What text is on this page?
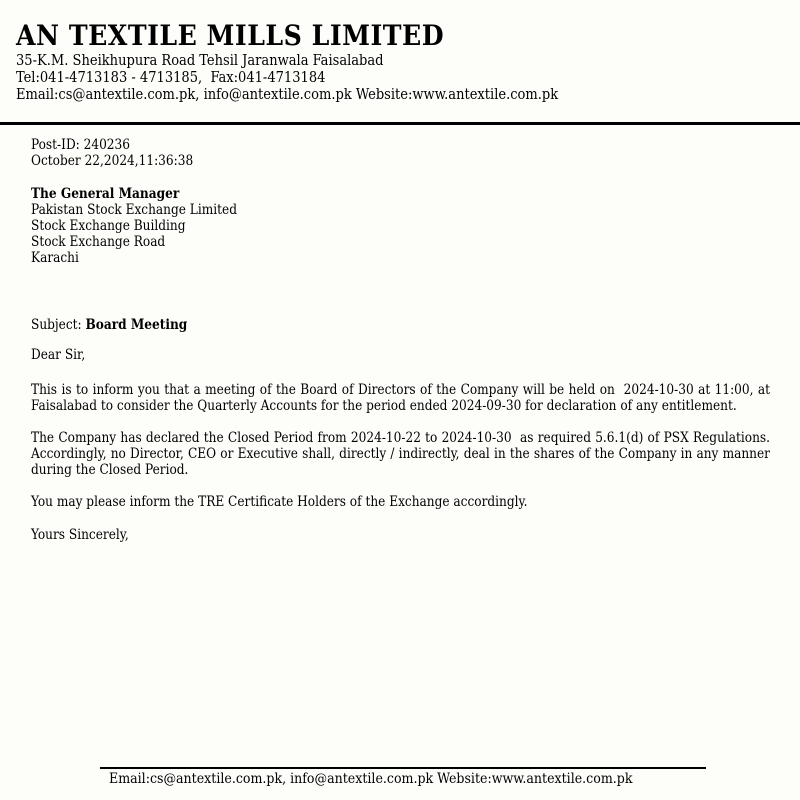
AN TEXTILE MILLS LIMITED
35-K.M. Sheikhupura Road Tehsil Jaranwala Faisalabad
Tel:041-4713183 - 4713185,  Fax:041-4713184
Email:cs@antextile.com.pk, info@antextile.com.pk Website:www.antextile.com.pk
Post-ID: 240236
October 22,2024,11:36:38
The General Manager
Pakistan Stock Exchange Limited
Stock Exchange Building
Stock Exchange Road
Karachi
Subject: Board Meeting
Dear Sir,

This is to inform you that a meeting of the Board of Directors of the Company will be held on  2024-10-30 at 11:00, at Faisalabad to consider the Quarterly Accounts for the period ended 2024-09-30 for declaration of any entitlement.

The Company has declared the Closed Period from 2024-10-22 to 2024-10-30  as required 5.6.1(d) of PSX Regulations. Accordingly, no Director, CEO or Executive shall, directly / indirectly, deal in the shares of the Company in any manner during the Closed Period.

You may please inform the TRE Certificate Holders of the Exchange accordingly.

Yours Sincerely,
Email:cs@antextile.com.pk, info@antextile.com.pk Website:www.antextile.com.pk
